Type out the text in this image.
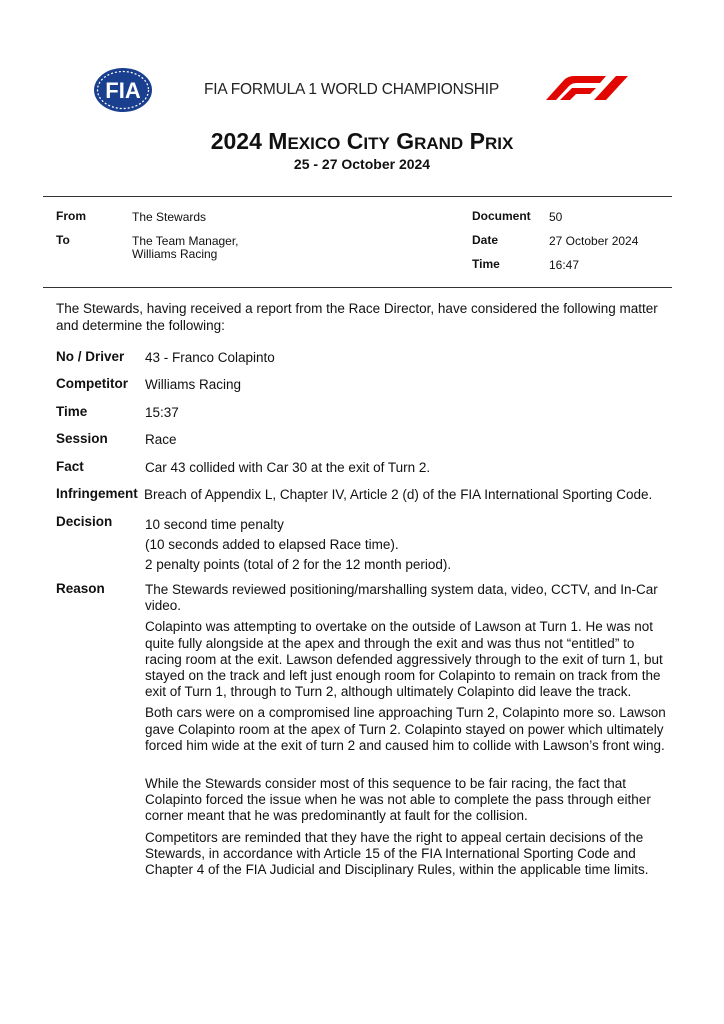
FIA	FIA FORMULA 1 WORLD CHAMPIONSHIP
2024 MEXICO CITY GRAND PRIX
25 - 27 October 2024
From	The Stewards
To	The Team Manager,
Williams Racing
Document 50
Date	27 October 2024
Time	16:47
The Stewards, having received a report from the Race Director, have considered the following matter and determine the following:
No / Driver 43 - Franco Colapinto
Competitor Williams Racing
Time	15:37
Session	Race
Fact	Car 43 collided with Car 30 at the exit of Turn 2.
Infringement Breach of Appendix L, Chapter IV, Article 2 (d) of the FIA International Sporting Code.
Decision 10 second time penalty

(10 seconds added to elapsed Race time).

2 penalty points (total of 2 for the 12 month period).

Reason	The Stewards reviewed positioning/marshalling system data, video, CCTV, and In-Car video.

Colapinto was attempting to overtake on the outside of Lawson at Turn 1. He was not quite fully alongside at the apex and through the exit and was thus not “entitled” to racing room at the exit. Lawson defended aggressively through to the exit of turn 1, but stayed on the track and left just enough room for Colapinto to remain on track from the exit of Turn 1, through to Turn 2, although ultimately Colapinto did leave the track.

Both cars were on a compromised line approaching Turn 2, Colapinto more so. Lawson gave Colapinto room at the apex of Turn 2. Colapinto stayed on power which ultimately forced him wide at the exit of turn 2 and caused him to collide with Lawson’s front wing.

While the Stewards consider most of this sequence to be fair racing, the fact that Colapinto forced the issue when he was not able to complete the pass through either corner meant that he was predominantly at fault for the collision.

Competitors are reminded that they have the right to appeal certain decisions of the Stewards, in accordance with Article 15 of the FIA International Sporting Code and Chapter 4 of the FIA Judicial and Disciplinary Rules, within the applicable time limits.
